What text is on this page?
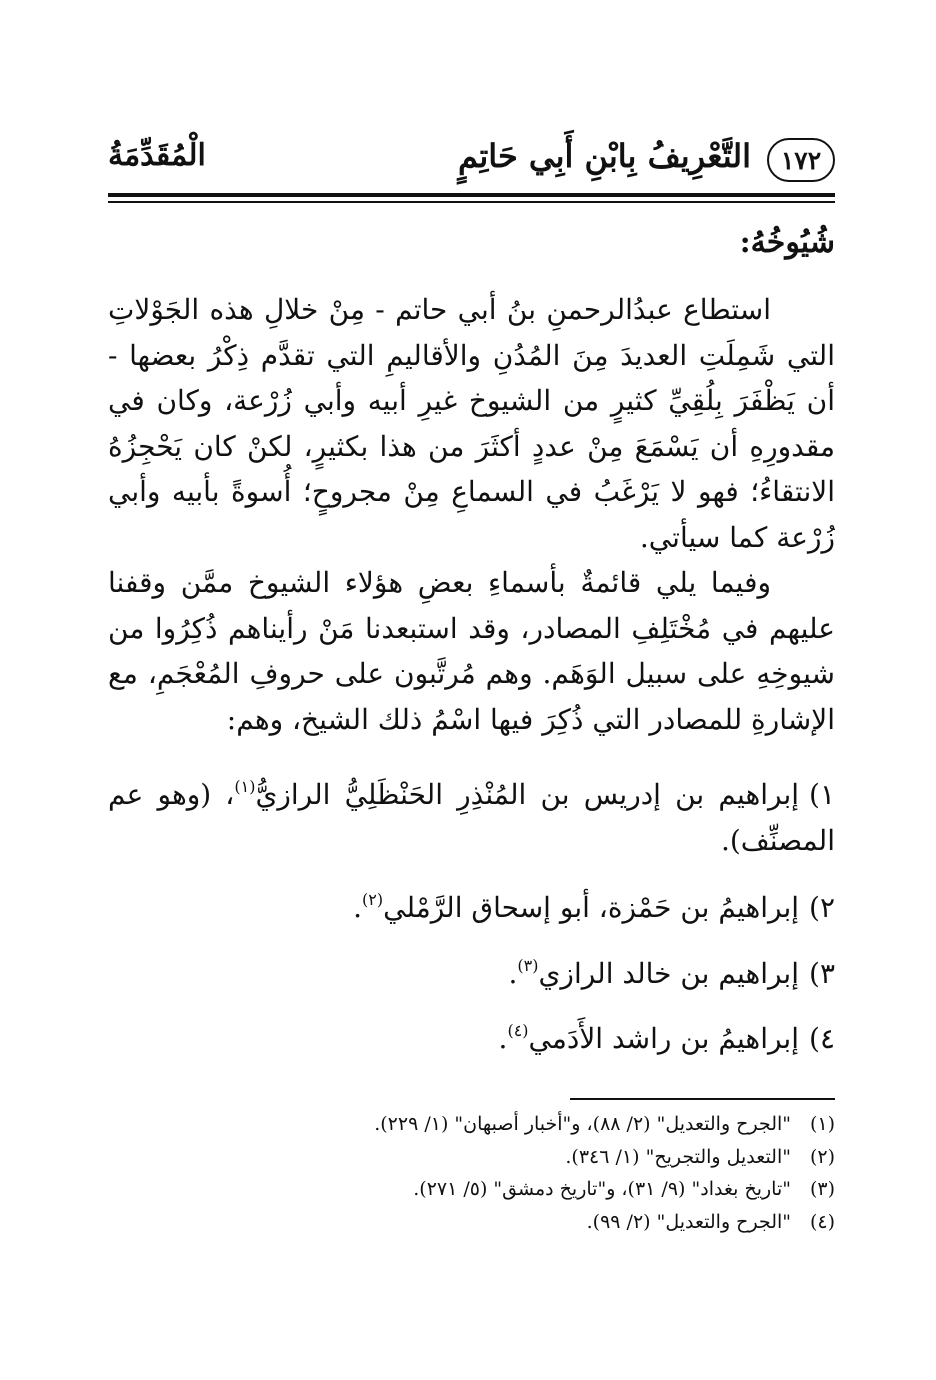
١٧٢
التَّعْرِيفُ بِابْنِ أَبِي حَاتِمٍ
الْمُقَدِّمَةُ
شُيُوخُهُ:

استطاع عبدُالرحمنِ بنُ أبي حاتم - مِنْ خلالِ هذه الجَوْلاتِ التي شَمِلَتِ العديدَ مِنَ المُدُنِ والأقاليمِ التي تقدَّم ذِكْرُ بعضها - أن يَظْفَرَ بِلُقِيِّ كثيرٍ من الشيوخ غيرِ أبيه وأبي زُرْعة، وكان في مقدورِهِ أن يَسْمَعَ مِنْ عددٍ أكثَرَ من هذا بكثيرٍ، لكنْ كان يَحْجِزُهُ الانتقاءُ؛ فهو لا يَرْغَبُ في السماعِ مِنْ مجروحٍ؛ أُسوةً بأبيه وأبي زُرْعة كما سيأتي.

وفيما يلي قائمةٌ بأسماءِ بعضِ هؤلاء الشيوخ ممَّن وقفنا عليهم في مُخْتَلِفِ المصادر، وقد استبعدنا مَنْ رأيناهم ذُكِرُوا من شيوخِهِ على سبيل الوَهَم. وهم مُرتَّبون على حروفِ المُعْجَمِ، مع الإشارةِ للمصادر التي ذُكِرَ فيها اسْمُ ذلك الشيخ، وهم:

١)إبراهيم بن إدريس بن المُنْذِرِ الحَنْظَلِيُّ الرازيُّ$^{(١)}$، (وهو عم المصنِّف).
٢)إبراهيمُ بن حَمْزة، أبو إسحاق الرَّمْلي$^{(٢)}$.
٣)إبراهيم بن خالد الرازي$^{(٣)}$.
٤)إبراهيمُ بن راشد الأَدَمي$^{(٤)}$.
(١)"الجرح والتعديل" (٢/ ٨٨)، و"أخبار أصبهان" (١/ ٢٢٩).
(٢)"التعديل والتجريح" (١/ ٣٤٦).
(٣)"تاريخ بغداد" (٩/ ٣١)، و"تاريخ دمشق" (٥/ ٢٧١).
(٤)"الجرح والتعديل" (٢/ ٩٩).
